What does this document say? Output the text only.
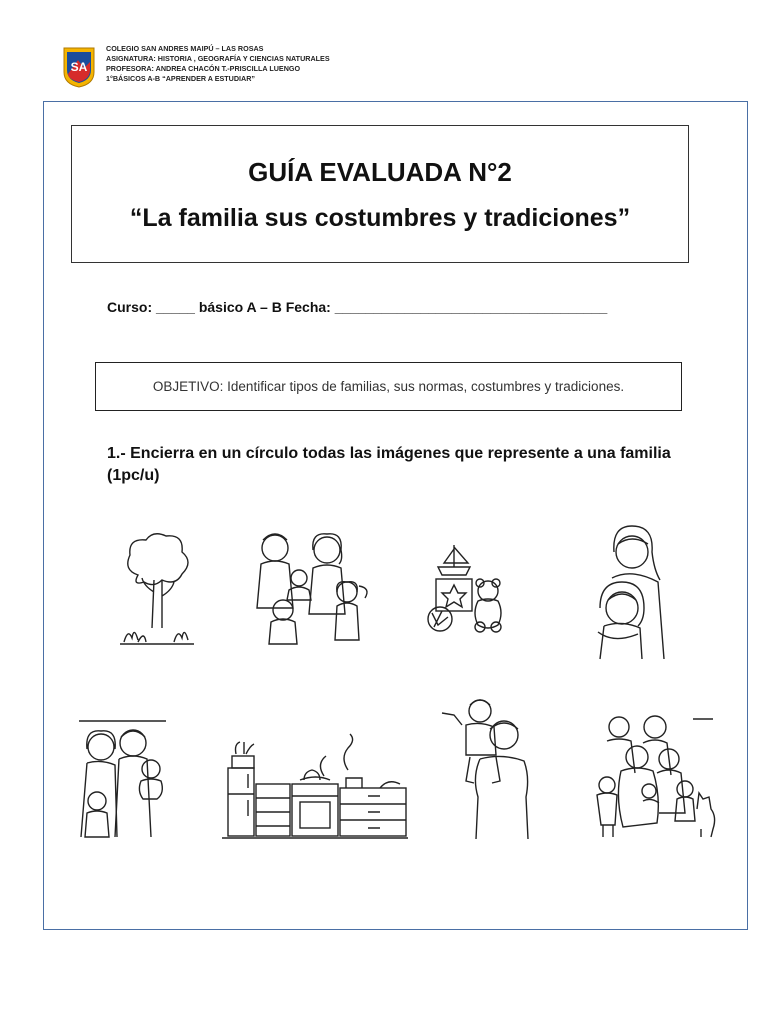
SA
COLEGIO SAN ANDRES MAIPÚ – LAS ROSAS
ASIGNATURA: HISTORIA , GEOGRAFÍA Y CIENCIAS NATURALES
PROFESORA: ANDREA CHACÓN T.-PRISCILLA LUENGO
1°BÁSICOS A-B “APRENDER A ESTUDIAR”
GUÍA EVALUADA N°2
“La familia sus costumbres y tradiciones”
Curso: _____ básico A – B Fecha: ___________________________________
OBJETIVO: Identificar tipos de familias, sus normas, costumbres y tradiciones.
1.- Encierra en un círculo todas las imágenes que represente a una familia (1pc/u)
